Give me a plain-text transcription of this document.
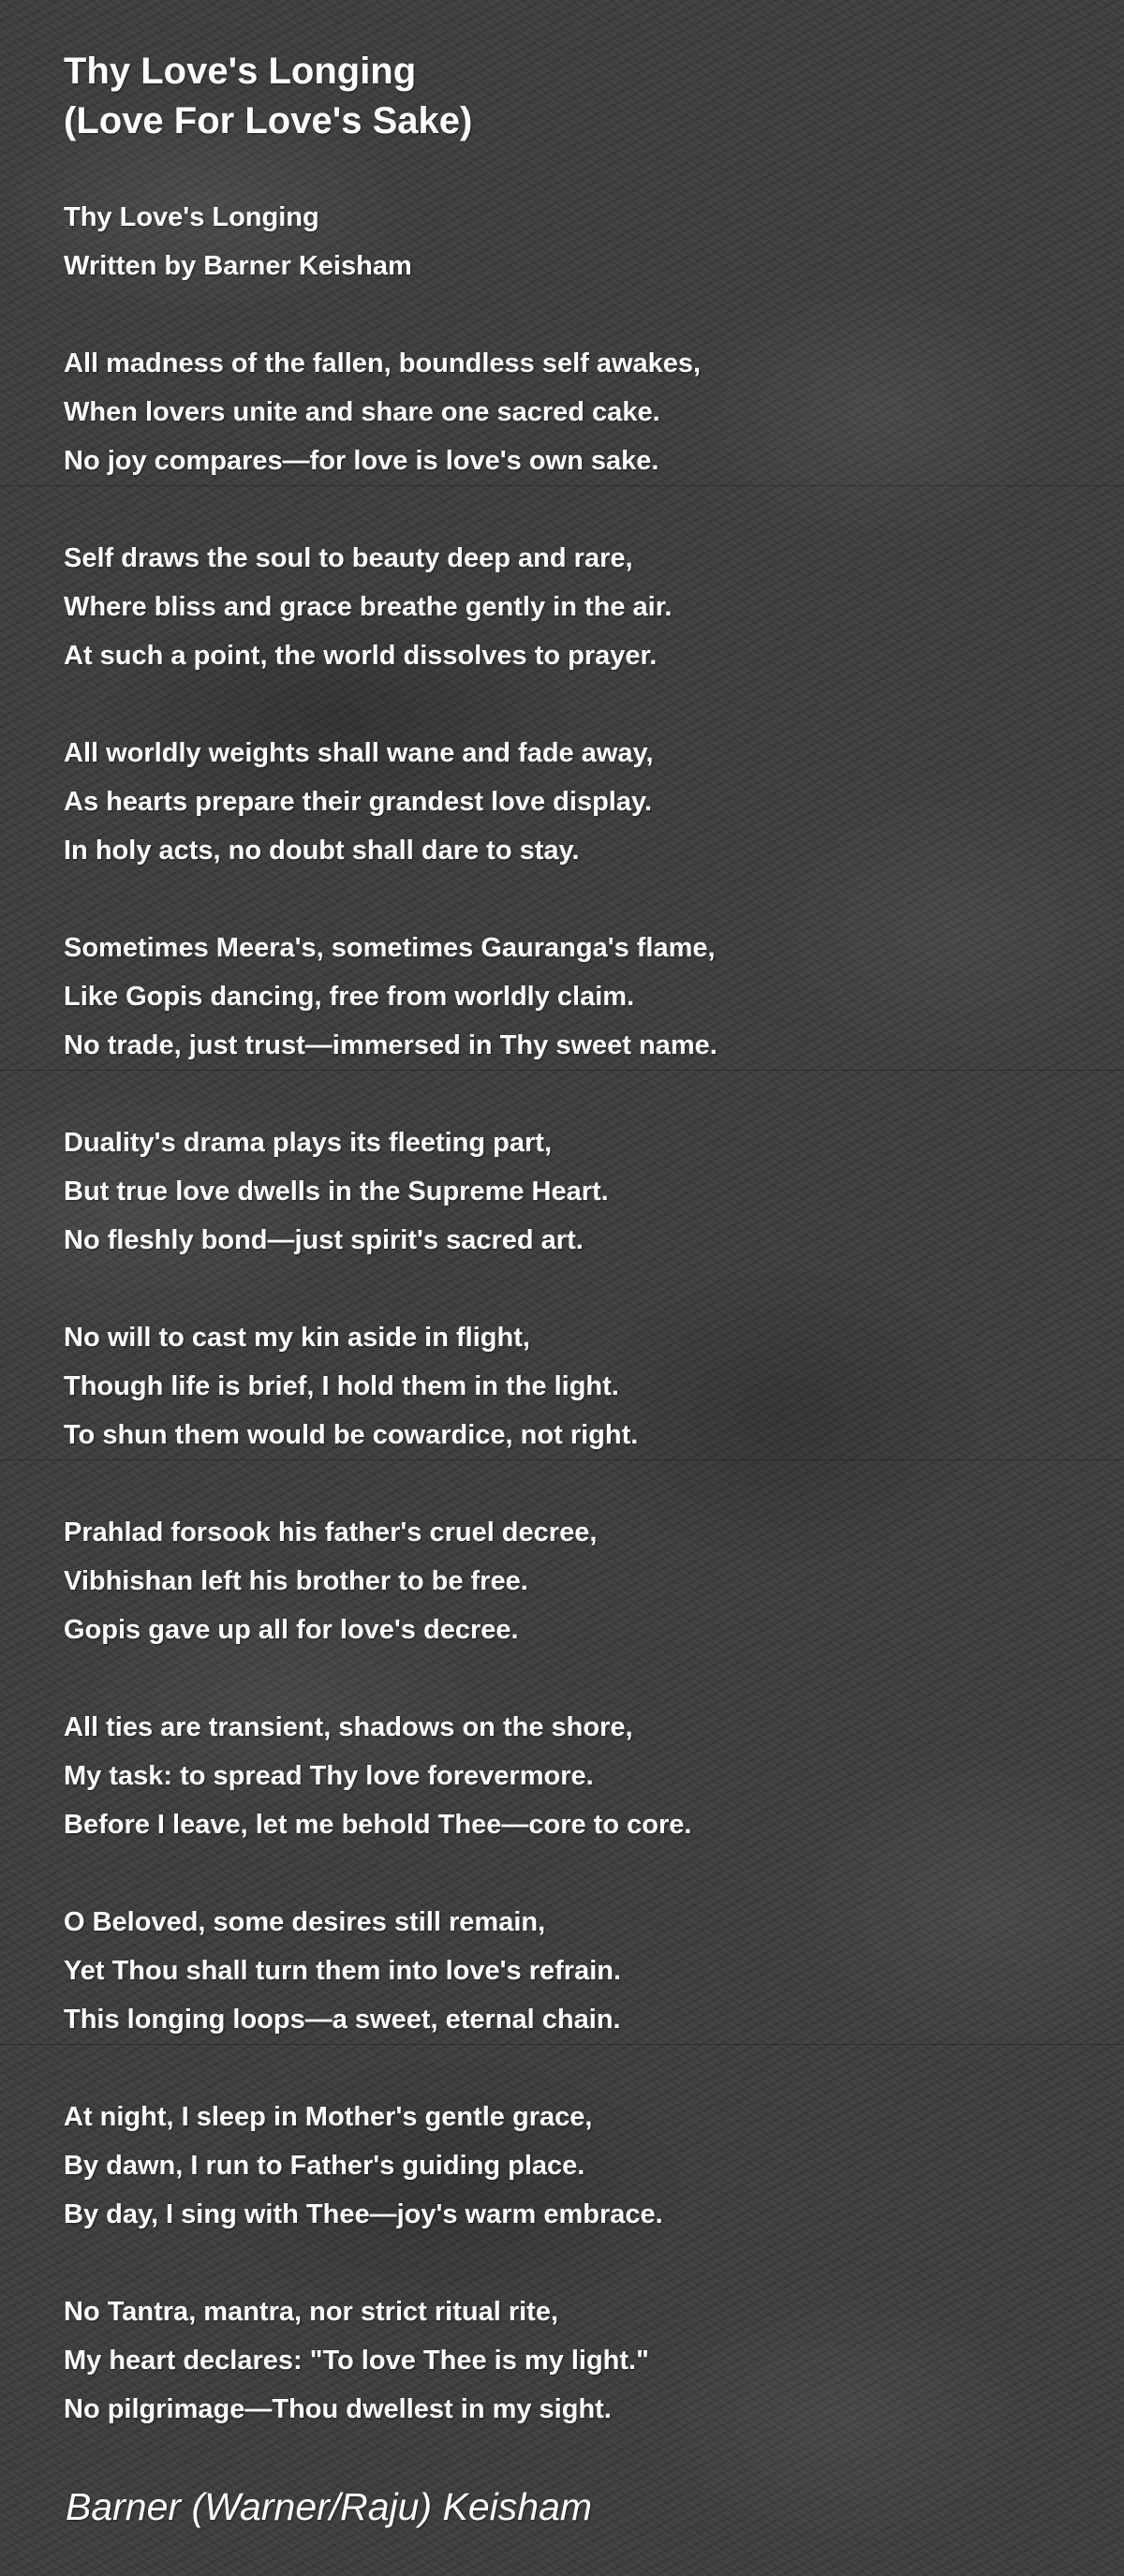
Thy Love's Longing
(Love For Love's Sake)
Thy Love's Longing
Written by Barner Keisham
All madness of the fallen, boundless self awakes,
When lovers unite and share one sacred cake.
No joy compares—for love is love's own sake.
Self draws the soul to beauty deep and rare,
Where bliss and grace breathe gently in the air.
At such a point, the world dissolves to prayer.
All worldly weights shall wane and fade away,
As hearts prepare their grandest love display.
In holy acts, no doubt shall dare to stay.
Sometimes Meera's, sometimes Gauranga's flame,
Like Gopis dancing, free from worldly claim.
No trade, just trust—immersed in Thy sweet name.
Duality's drama plays its fleeting part,
But true love dwells in the Supreme Heart.
No fleshly bond—just spirit's sacred art.
No will to cast my kin aside in flight,
Though life is brief, I hold them in the light.
To shun them would be cowardice, not right.
Prahlad forsook his father's cruel decree,
Vibhishan left his brother to be free.
Gopis gave up all for love's decree.
All ties are transient, shadows on the shore,
My task: to spread Thy love forevermore.
Before I leave, let me behold Thee—core to core.
O Beloved, some desires still remain,
Yet Thou shall turn them into love's refrain.
This longing loops—a sweet, eternal chain.
At night, I sleep in Mother's gentle grace,
By dawn, I run to Father's guiding place.
By day, I sing with Thee—joy's warm embrace.
No Tantra, mantra, nor strict ritual rite,
My heart declares: "To love Thee is my light."
No pilgrimage—Thou dwellest in my sight.
Barner (Warner/Raju) Keisham
